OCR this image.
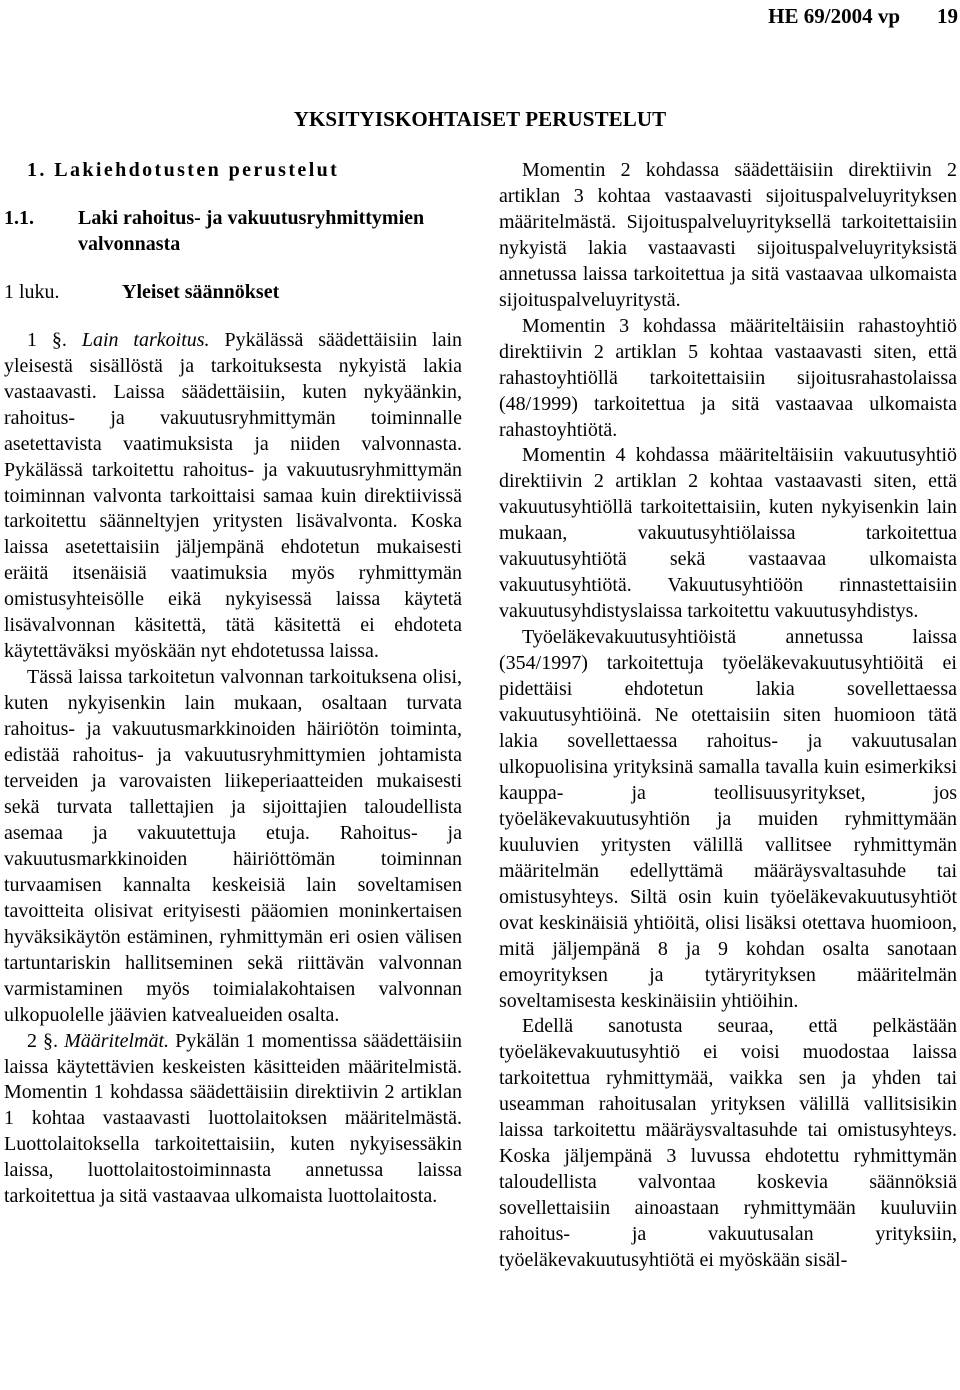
HE 69/2004 vp 19
YKSITYISKOHTAISET PERUSTELUT

1. Lakiehdotusten perustelut

1.1.	Laki rahoitus- ja vakuutusryhmittymien valvonnasta
1 luku.	Yleiset säännökset

1 §. Lain tarkoitus. Pykälässä säädettäisiin lain yleisestä sisällöstä ja tarkoituksesta nykyistä lakia vastaavasti. Laissa säädettäisiin, kuten nykyäänkin, rahoitus- ja vakuutusryhmittymän toiminnalle asetettavista vaatimuksista ja niiden valvonnasta. Pykälässä tarkoitettu rahoitus- ja vakuutusryhmittymän toiminnan valvonta tarkoittaisi samaa kuin direktiivissä tarkoitettu säänneltyjen yritysten lisävalvonta. Koska laissa asetettaisiin jäljempänä ehdotetun mukaisesti eräitä itsenäisiä vaatimuksia myös ryhmittymän omistusyhteisölle eikä nykyisessä laissa käytetä lisävalvonnan käsitettä, tätä käsitettä ei ehdoteta käytettäväksi myöskään nyt ehdotetussa laissa.

Tässä laissa tarkoitetun valvonnan tarkoituksena olisi, kuten nykyisenkin lain mukaan, osaltaan turvata rahoitus- ja vakuutusmarkkinoiden häiriötön toiminta, edistää rahoitus- ja vakuutusryhmittymien johtamista terveiden ja varovaisten liikeperiaatteiden mukaisesti sekä turvata tallettajien ja sijoittajien taloudellista asemaa ja vakuutettuja etuja. Rahoitus- ja vakuutusmarkkinoiden häiriöttömän toiminnan turvaamisen kannalta keskeisiä lain soveltamisen tavoitteita olisivat erityisesti pääomien moninkertaisen hyväksikäytön estäminen, ryhmittymän eri osien välisen tartuntariskin hallitseminen sekä riittävän valvonnan varmistaminen myös toimialakohtaisen valvonnan ulkopuolelle jäävien katvealueiden osalta.

2 §. Määritelmät. Pykälän 1 momentissa säädettäisiin laissa käytettävien keskeisten käsitteiden määritelmistä. Momentin 1 kohdassa säädettäisiin direktiivin 2 artiklan 1 kohtaa vastaavasti luottolaitoksen määritelmästä. Luottolaitoksella tarkoitettaisiin, kuten nykyisessäkin laissa, luottolaitostoiminnasta annetussa laissa tarkoitettua ja sitä vastaavaa ulkomaista luottolaitosta.

Momentin 2 kohdassa säädettäisiin direktiivin 2 artiklan 3 kohtaa vastaavasti sijoituspalveluyrityksen määritelmästä. Sijoituspalveluyrityksellä tarkoitettaisiin nykyistä lakia vastaavasti sijoituspalveluyrityksistä annetussa laissa tarkoitettua ja sitä vastaavaa ulkomaista sijoituspalveluyritystä.

Momentin 3 kohdassa määriteltäisiin rahastoyhtiö direktiivin 2 artiklan 5 kohtaa vastaavasti siten, että rahastoyhtiöllä tarkoitettaisiin sijoitusrahastolaissa (48/1999) tarkoitettua ja sitä vastaavaa ulkomaista rahastoyhtiötä.

Momentin 4 kohdassa määriteltäisiin vakuutusyhtiö direktiivin 2 artiklan 2 kohtaa vastaavasti siten, että vakuutusyhtiöllä tarkoitettaisiin, kuten nykyisenkin lain mukaan, vakuutusyhtiölaissa tarkoitettua vakuutusyhtiötä sekä vastaavaa ulkomaista vakuutusyhtiötä. Vakuutusyhtiöön rinnastettaisiin vakuutusyhdistyslaissa tarkoitettu vakuutusyhdistys.

Työeläkevakuutusyhtiöistä annetussa laissa (354/1997) tarkoitettuja työeläkevakuutusyhtiöitä ei pidettäisi ehdotetun lakia sovellettaessa vakuutusyhtiöinä. Ne otettaisiin siten huomioon tätä lakia sovellettaessa rahoitus- ja vakuutusalan ulkopuolisina yrityksinä samalla tavalla kuin esimerkiksi kauppa- ja teollisuusyritykset, jos työeläkevakuutusyhtiön ja muiden ryhmittymään kuuluvien yritysten välillä vallitsee ryhmittymän määritelmän edellyttämä määräysvaltasuhde tai omistusyhteys. Siltä osin kuin työeläkevakuutusyhtiöt ovat keskinäisiä yhtiöitä, olisi lisäksi otettava huomioon, mitä jäljempänä 8 ja 9 kohdan osalta sanotaan emoyrityksen ja tytäryrityksen määritelmän soveltamisesta keskinäisiin yhtiöihin.

Edellä sanotusta seuraa, että pelkästään työeläkevakuutusyhtiö ei voisi muodostaa laissa tarkoitettua ryhmittymää, vaikka sen ja yhden tai useamman rahoitusalan yrityksen välillä vallitsisikin laissa tarkoitettu määräysvaltasuhde tai omistusyhteys. Koska jäljempänä 3 luvussa ehdotettu ryhmittymän taloudellista valvontaa koskevia säännöksiä sovellettaisiin ainoastaan ryhmittymään kuuluviin rahoitus- ja vakuutusalan yrityksiin, työeläkevakuutusyhtiötä ei myöskään sisäl-
